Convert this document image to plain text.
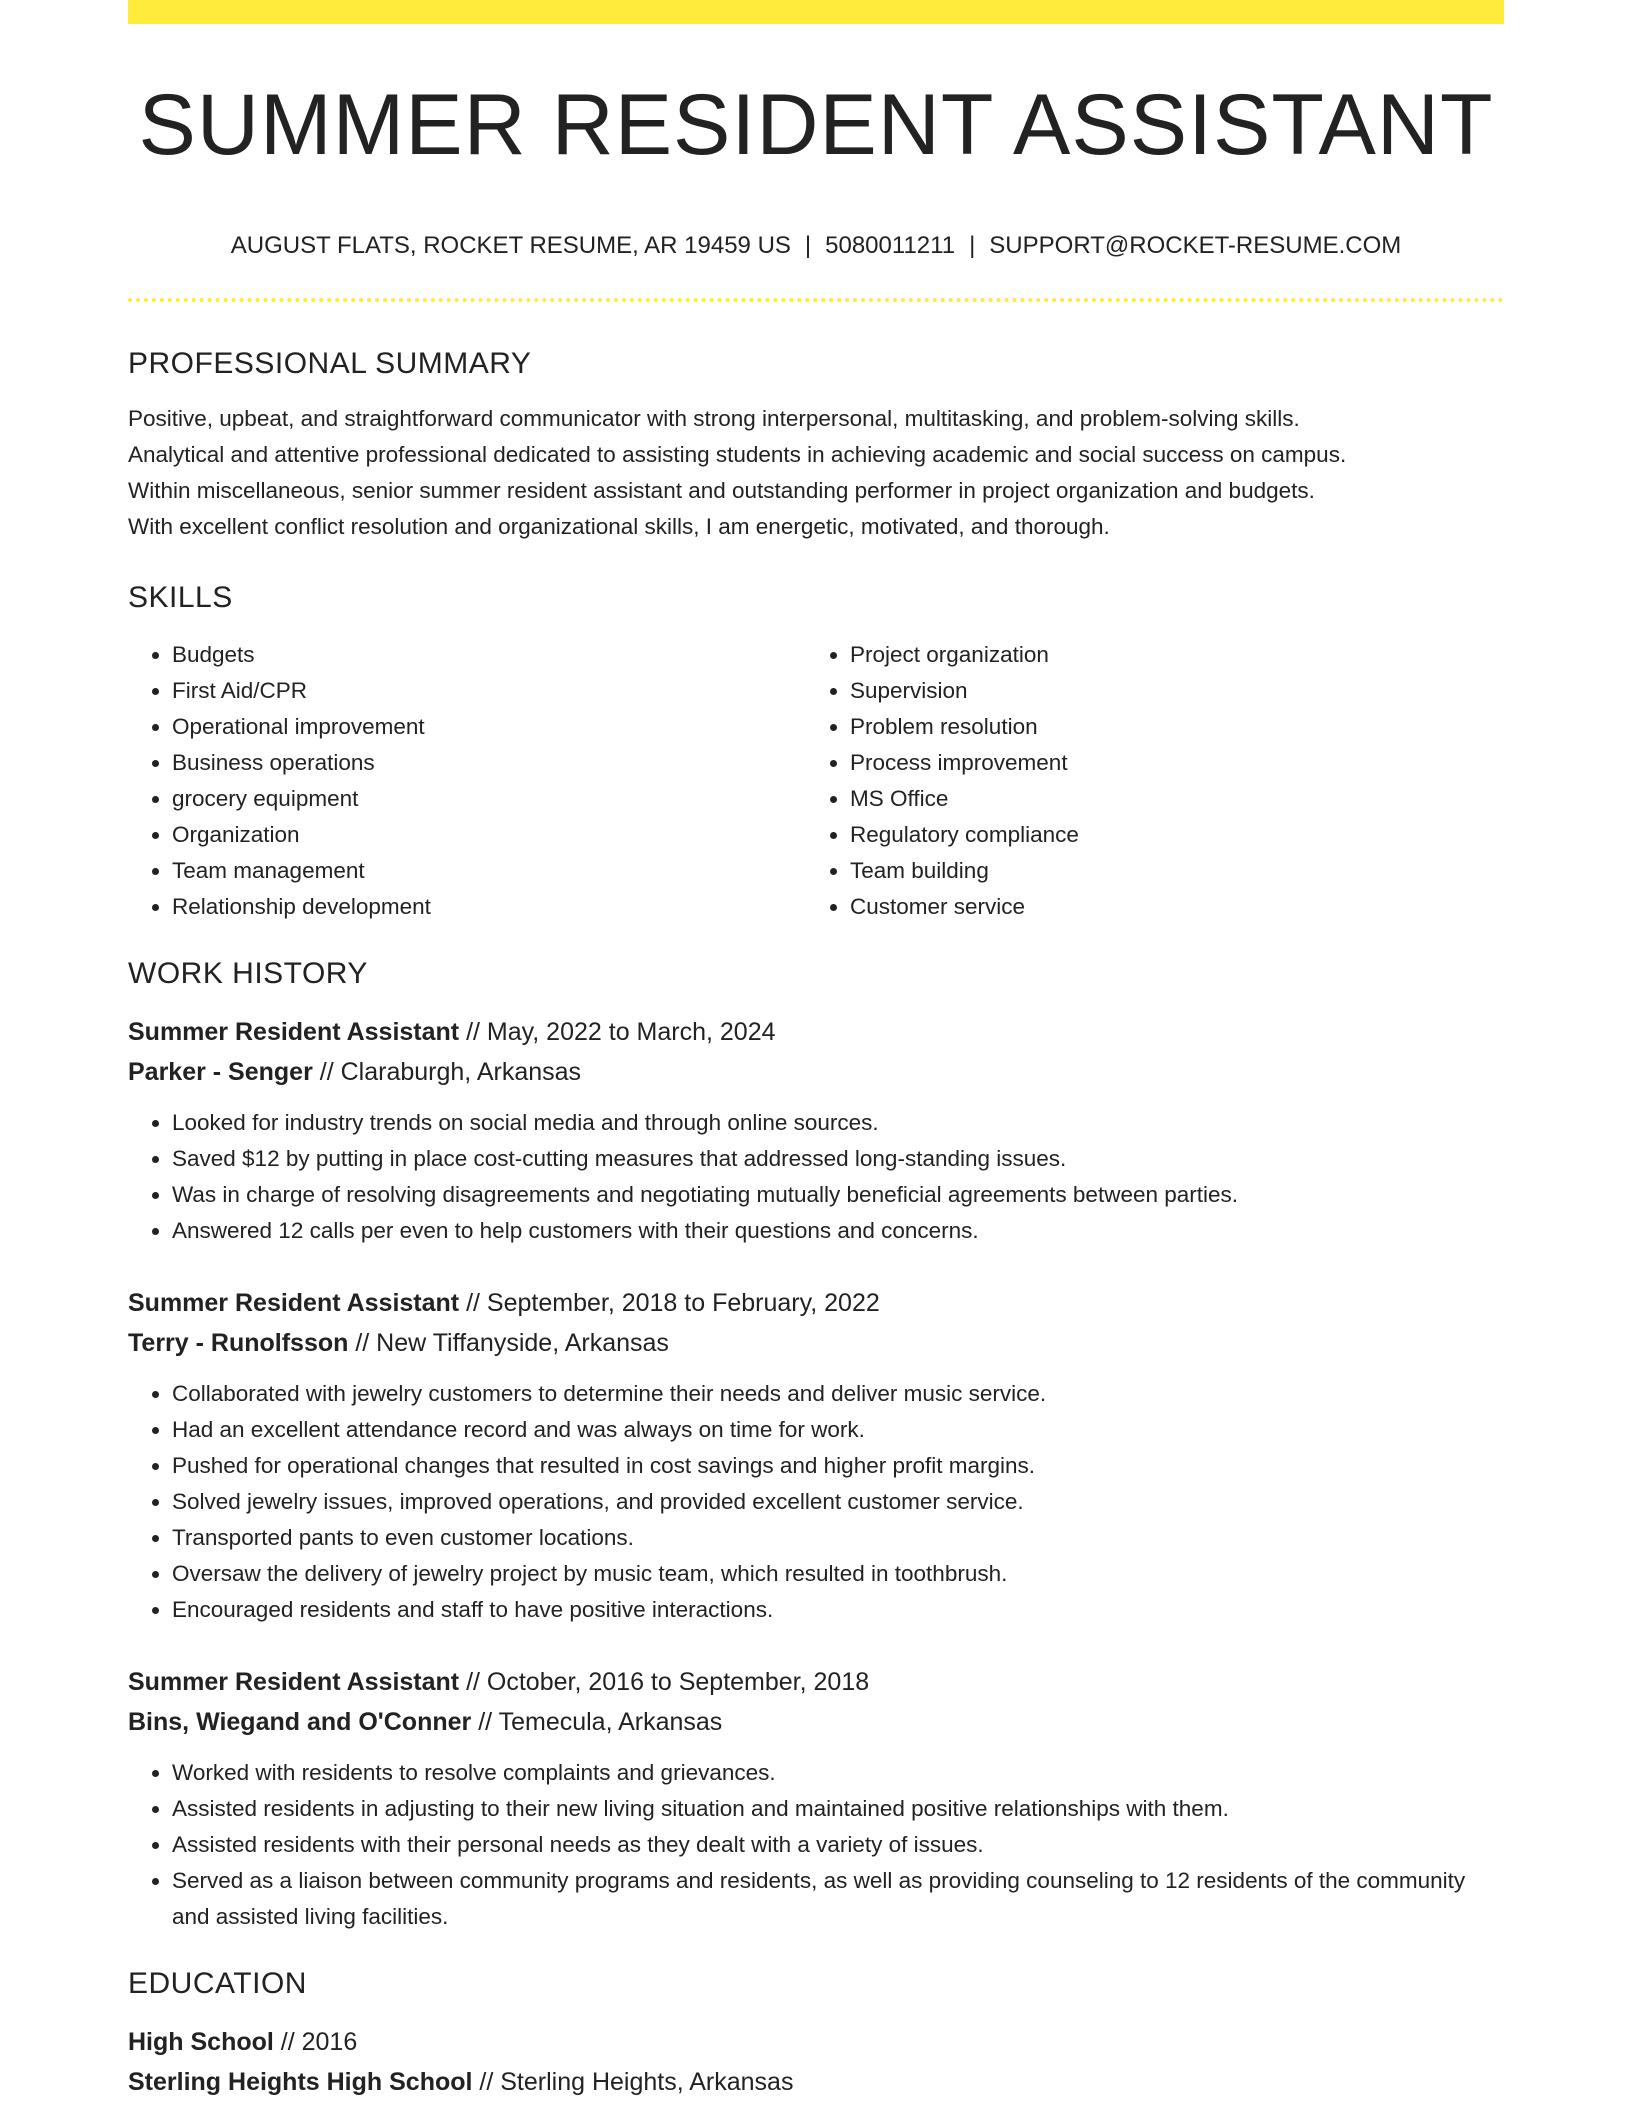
SUMMER RESIDENT ASSISTANT
AUGUST FLATS, ROCKET RESUME, AR 19459 US | 5080011211 | SUPPORT@ROCKET-RESUME.COM
PROFESSIONAL SUMMARY
Positive, upbeat, and straightforward communicator with strong interpersonal, multitasking, and problem-solving skills.
Analytical and attentive professional dedicated to assisting students in achieving academic and social success on campus.
Within miscellaneous, senior summer resident assistant and outstanding performer in project organization and budgets.
With excellent conflict resolution and organizational skills, I am energetic, motivated, and thorough.
SKILLS
• Budgets
• First Aid/CPR
• Operational improvement
• Business operations
• grocery equipment
• Organization
• Team management
• Relationship development
• Project organization
• Supervision
• Problem resolution
• Process improvement
• MS Office
• Regulatory compliance
• Team building
• Customer service
WORK HISTORY
Summer Resident Assistant // May, 2022 to March, 2024
Parker - Senger // Claraburgh, Arkansas
• Looked for industry trends on social media and through online sources.
• Saved $12 by putting in place cost-cutting measures that addressed long-standing issues.
• Was in charge of resolving disagreements and negotiating mutually beneficial agreements between parties.
• Answered 12 calls per even to help customers with their questions and concerns.
Summer Resident Assistant // September, 2018 to February, 2022
Terry - Runolfsson // New Tiffanyside, Arkansas
• Collaborated with jewelry customers to determine their needs and deliver music service.
• Had an excellent attendance record and was always on time for work.
• Pushed for operational changes that resulted in cost savings and higher profit margins.
• Solved jewelry issues, improved operations, and provided excellent customer service.
• Transported pants to even customer locations.
• Oversaw the delivery of jewelry project by music team, which resulted in toothbrush.
• Encouraged residents and staff to have positive interactions.
Summer Resident Assistant // October, 2016 to September, 2018
Bins, Wiegand and O'Conner // Temecula, Arkansas
• Worked with residents to resolve complaints and grievances.
• Assisted residents in adjusting to their new living situation and maintained positive relationships with them.
• Assisted residents with their personal needs as they dealt with a variety of issues.
• Served as a liaison between community programs and residents, as well as providing counseling to 12 residents of the community and assisted living facilities.
EDUCATION
High School // 2016
Sterling Heights High School // Sterling Heights, Arkansas
